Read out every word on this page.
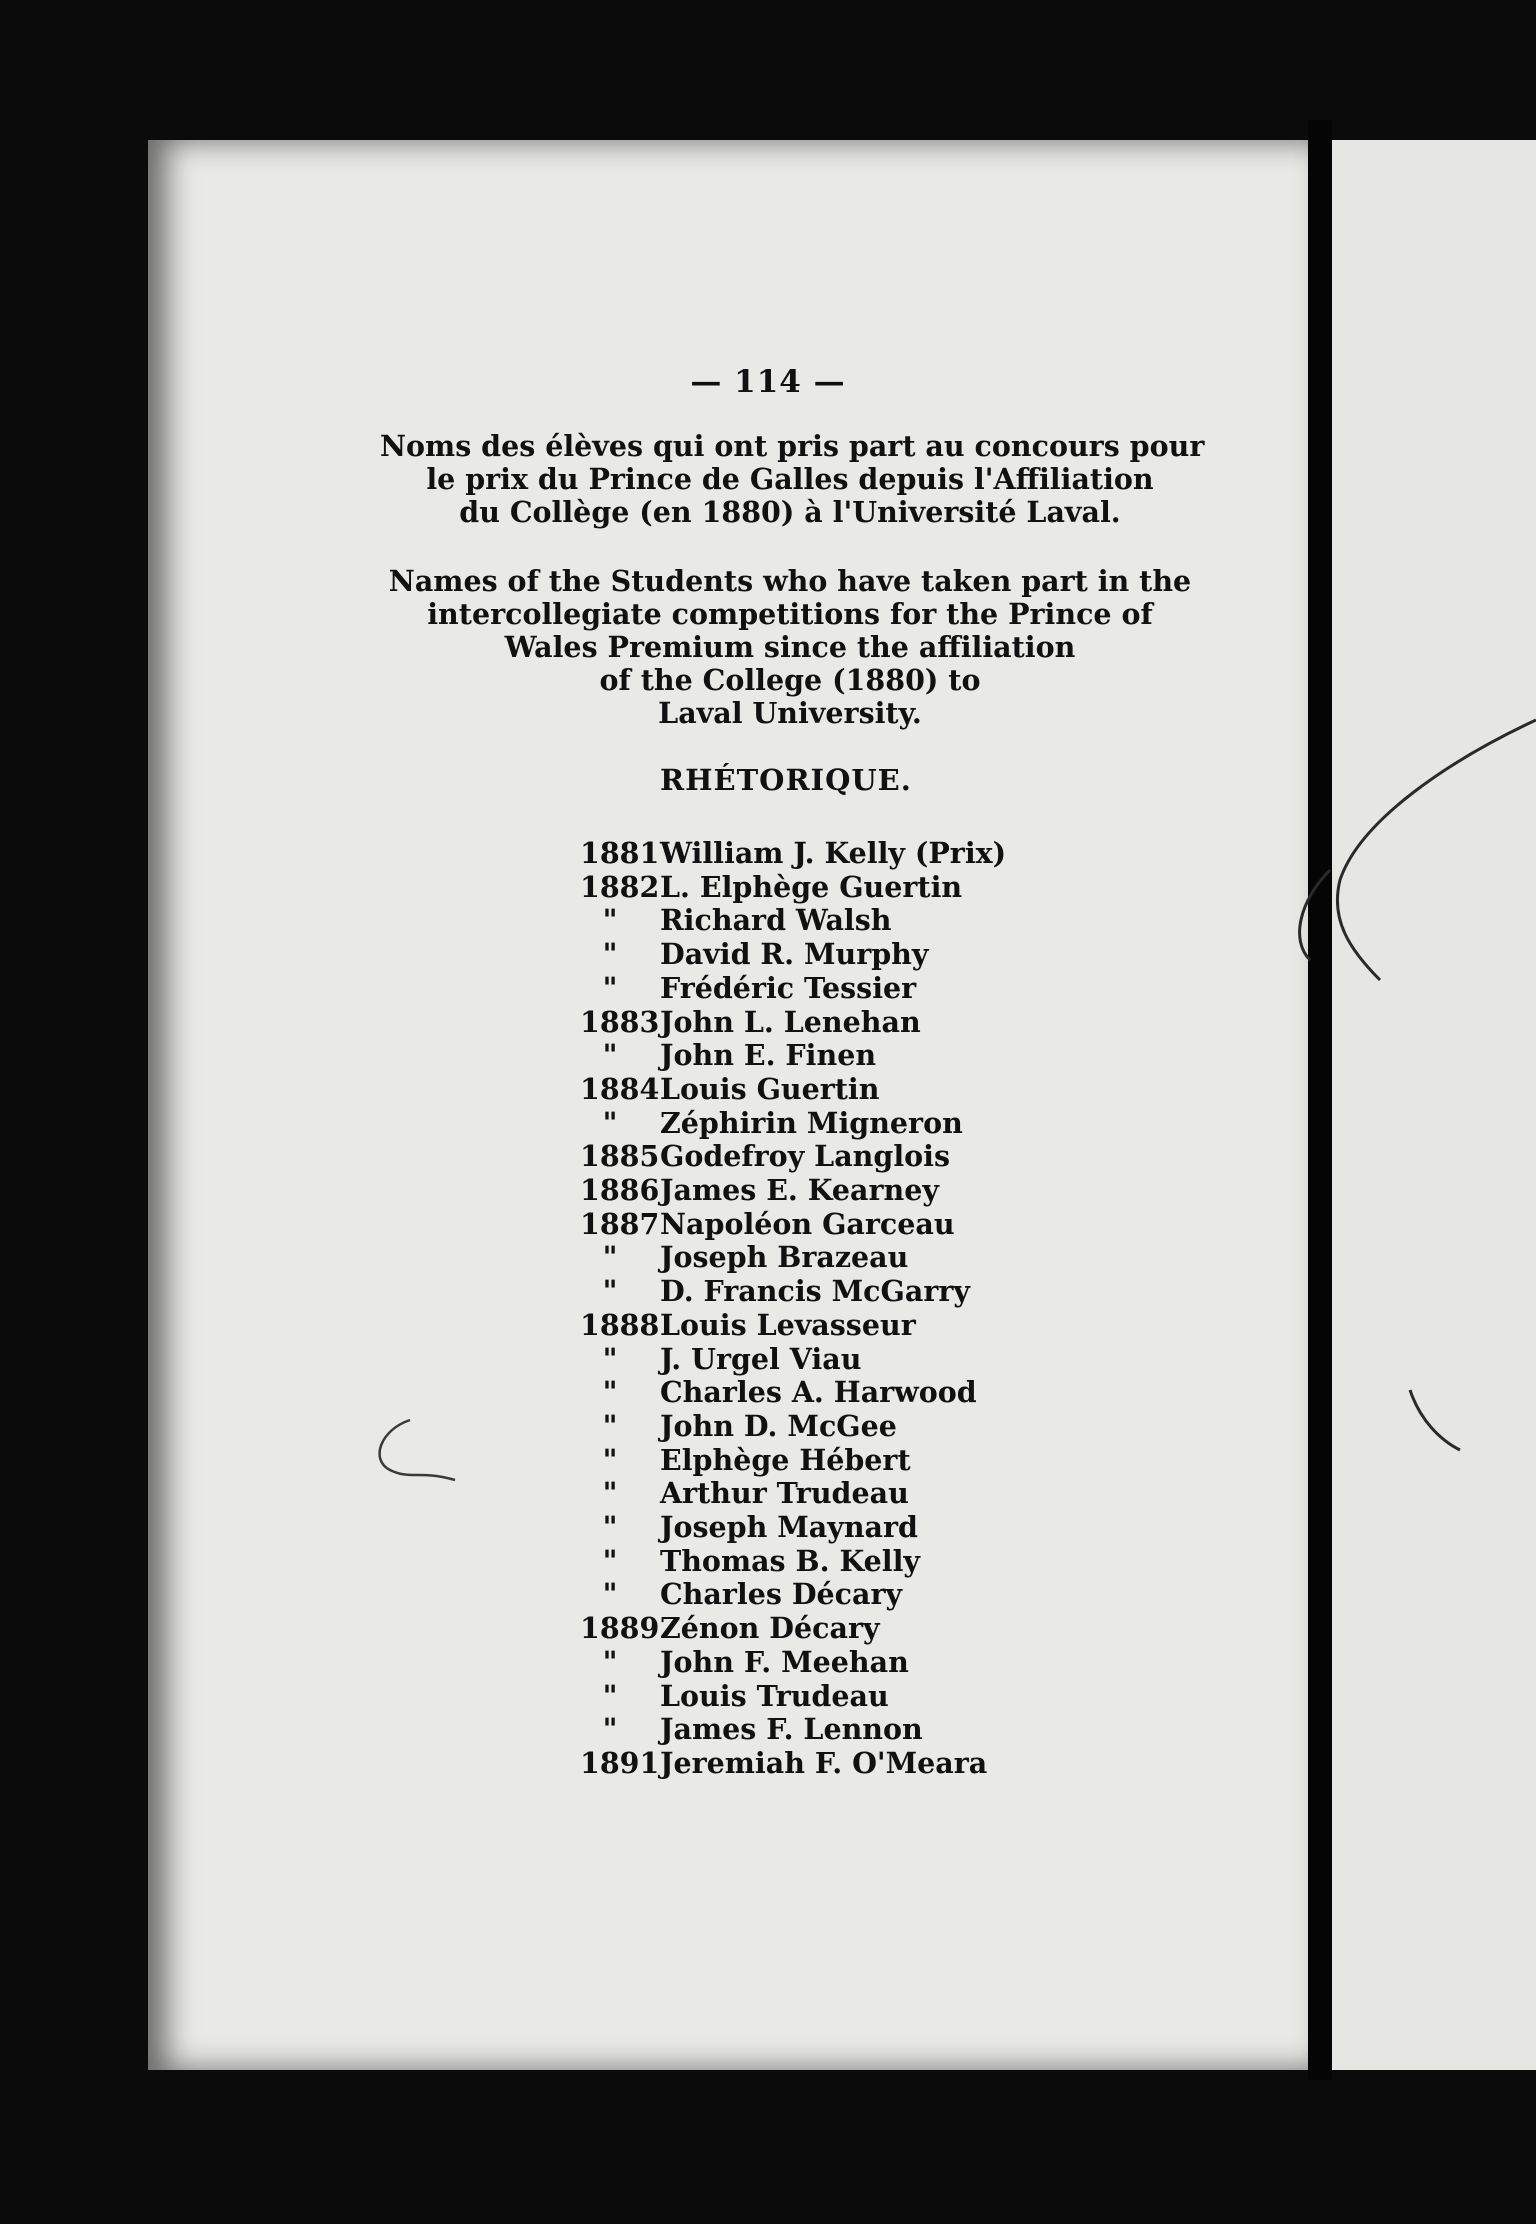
— 114 —
Noms des élèves qui ont pris part au concours pour
le prix du Prince de Galles depuis l'Affiliation
du Collège (en 1880) à l'Université Laval.
Names of the Students who have taken part in the
intercollegiate competitions for the Prince of
Wales Premium since the affiliation
of the College (1880) to
Laval University.
RHÉTORIQUE.
1881 William J. Kelly (Prix)
1882 L. Elphège Guertin
"	Richard Walsh
"	David R. Murphy
"	Frédéric Tessier
1883 John L. Lenehan
"	John E. Finen
1884 Louis Guertin
"	Zéphirin Migneron
1885 Godefroy Langlois
1886 James E. Kearney
1887 Napoléon Garceau
"	Joseph Brazeau
"	D. Francis McGarry
1888 Louis Levasseur
"	J. Urgel Viau
"	Charles A. Harwood
"	John D. McGee
"	Elphège Hébert
"	Arthur Trudeau
"	Joseph Maynard
"	Thomas B. Kelly
"	Charles Décary
1889 Zénon Décary
"	John F. Meehan
"	Louis Trudeau
"	James F. Lennon
1891 Jeremiah F. O'Meara
